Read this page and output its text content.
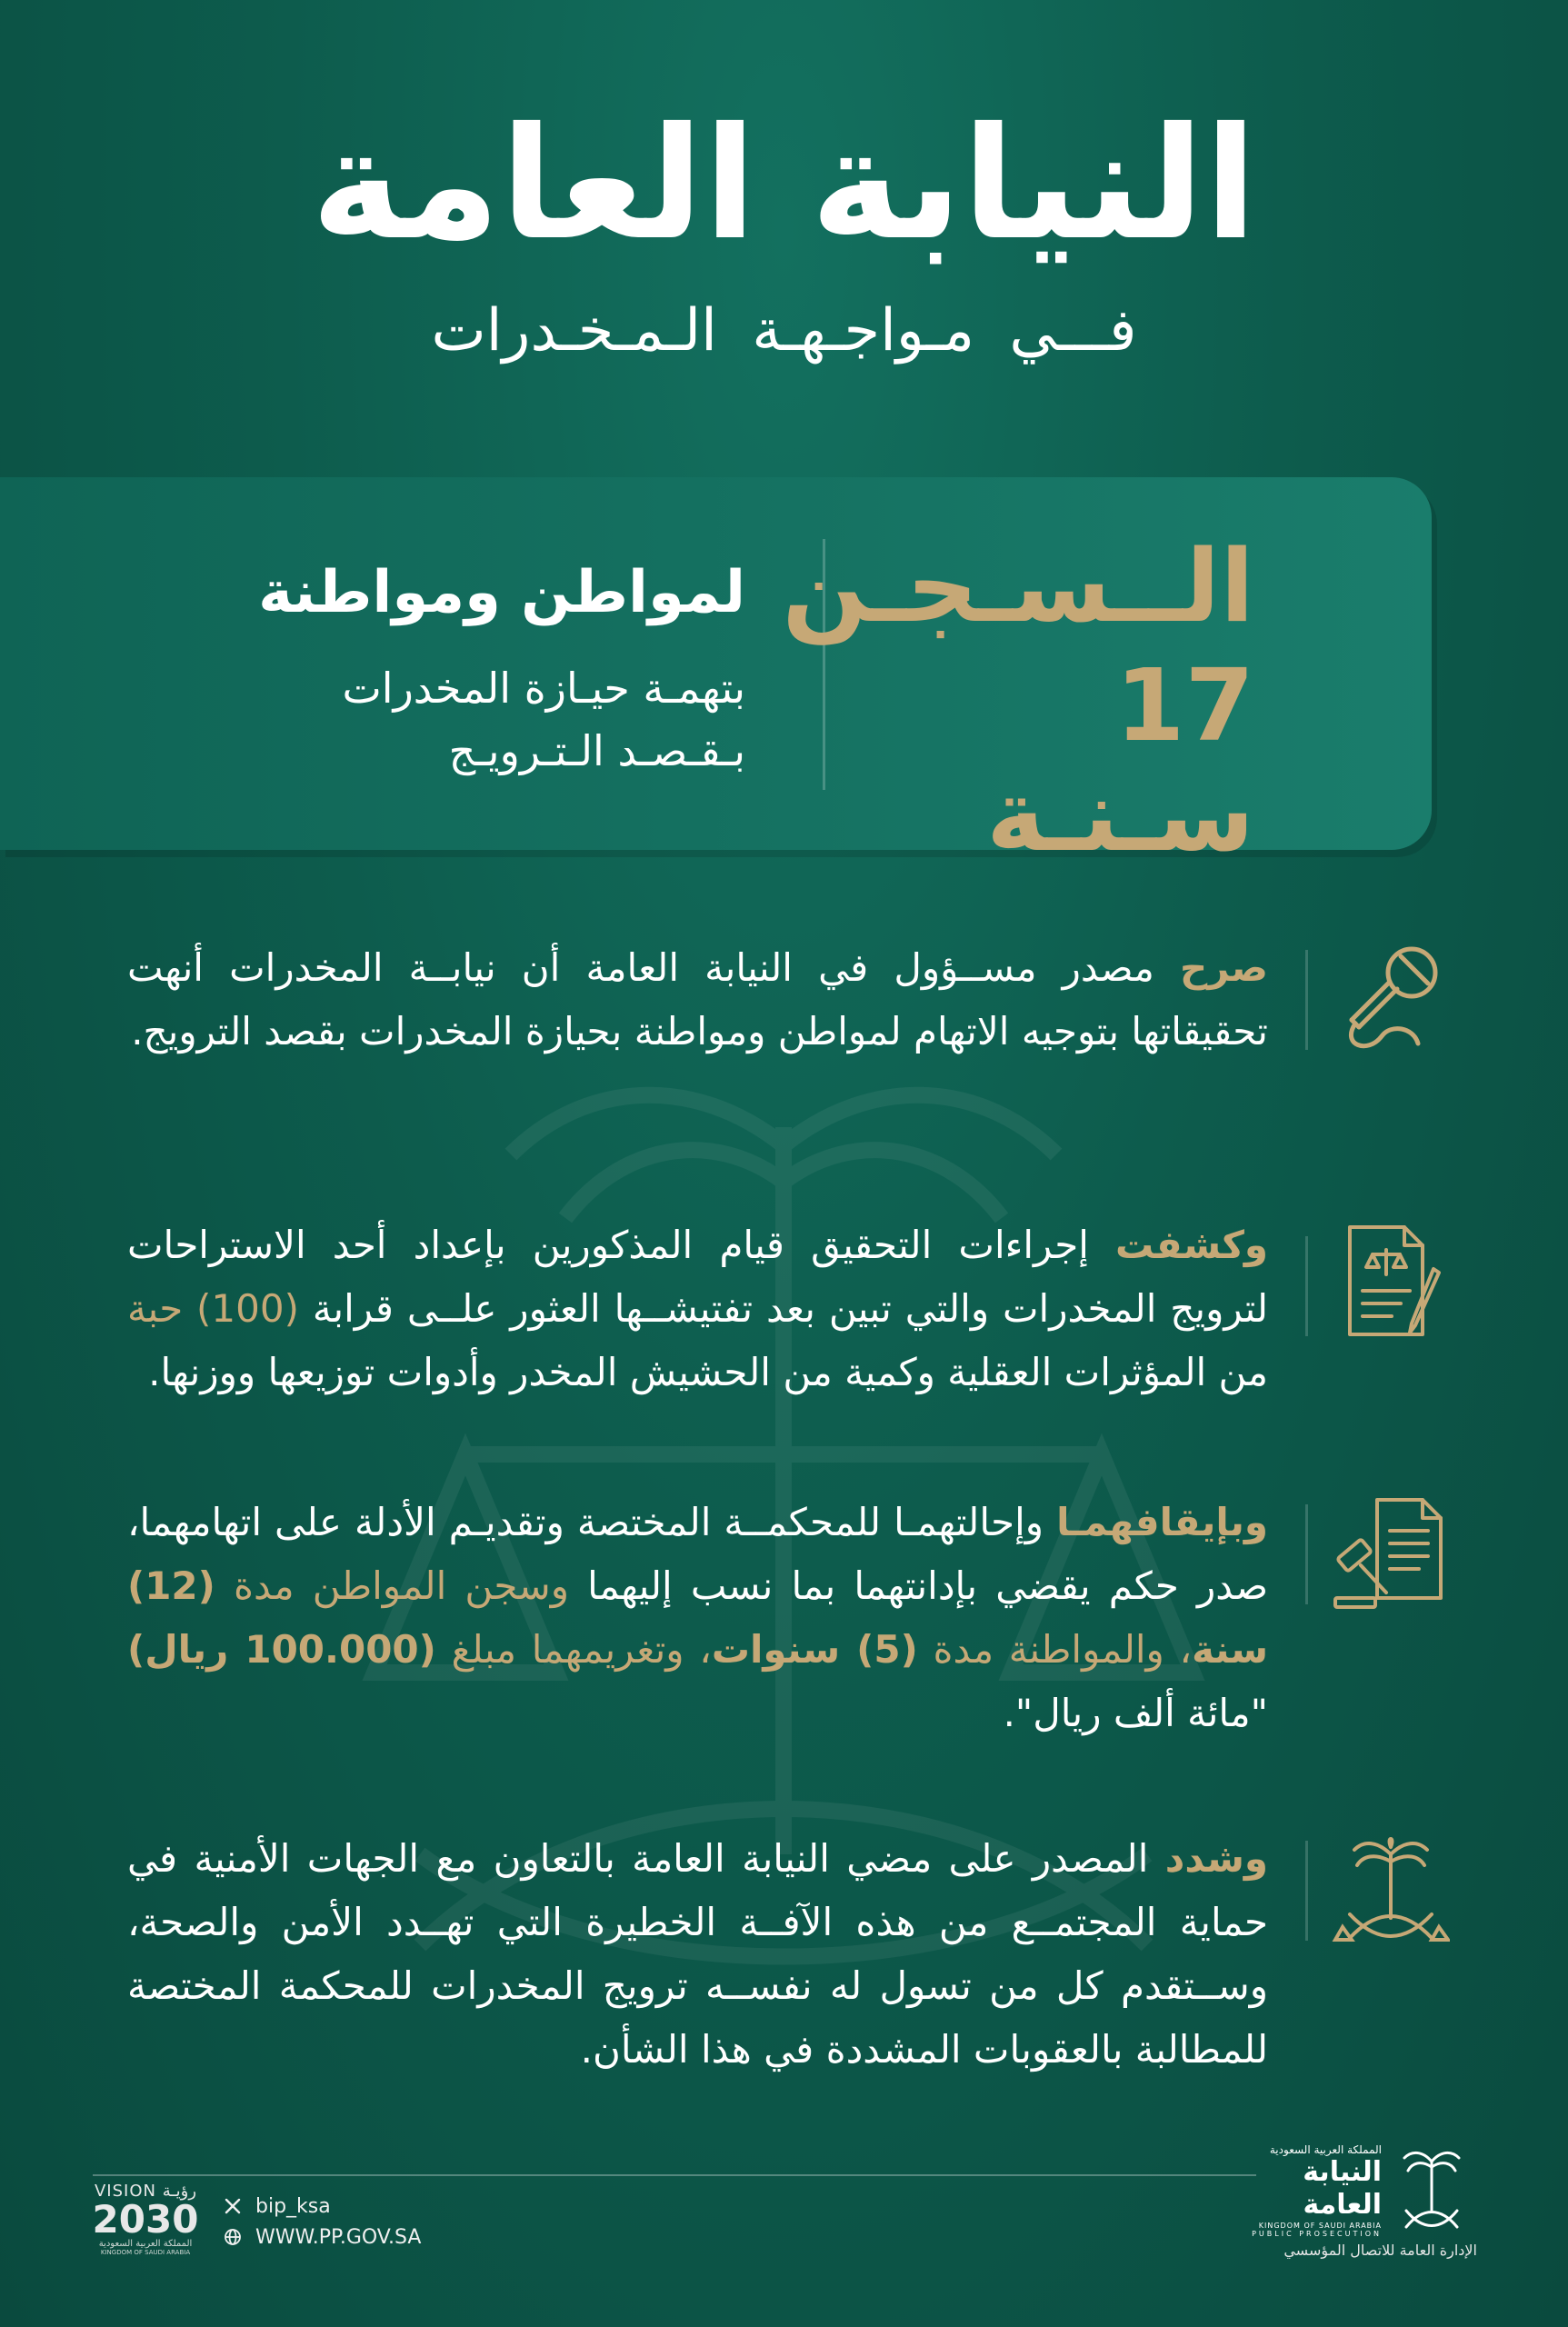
النيابة العامة
فـــي مـواجـهـة الـمـخـدرات
لمواطن ومواطنة
بتهمـة حيـازة المخدرات
بـقـصـد الـتـرويـج
الــسـجـن
17 سـنـة
صرح مصدر مســؤول في النيابة العامة أن نيابــة المخدرات أنهت تحقيقاتها بتوجيه الاتهام لمواطن ومواطنة بحيازة المخدرات بقصد الترويج.
وكشفت إجراءات التحقيق قيام المذكورين بإعداد أحد الاستراحات لترويج المخدرات والتي تبين بعد تفتيشــها العثور علــى قرابة (100) حبة من المؤثرات العقلية وكمية من الحشيش المخدر وأدوات توزيعها ووزنها.
وبإيقافهمـا وإحالتهمـا للمحكمــة المختصة وتقديـم الأدلة على اتهامهما، صدر حكم يقضي بإدانتهما بما نسب إليهما وسجن المواطن مدة (12) سنة، والمواطنة مدة (5) سنوات، وتغريمهما مبلغ (100.000 ريال) "مائة ألف ريال".
وشدد المصدر على مضي النيابة العامة بالتعاون مع الجهات الأمنية في حماية المجتمــع من هذه الآفــة الخطيرة التي تهــدد الأمن والصحة، وســتقدم كل من تسول له نفســه ترويج المخدرات للمحكمة المختصة للمطالبة بالعقوبات المشددة في هذا الشأن.
VISION رؤيـة
2030
المملكة العربية السعودية
KINGDOM OF SAUDI ARABIA
bip_ksa
WWW.PP.GOV.SA
المملكة العربية السعودية
النيابة العامة
KINGDOM OF SAUDI ARABIA
PUBLIC PROSECUTION
الإدارة العامة للاتصال المؤسسي
